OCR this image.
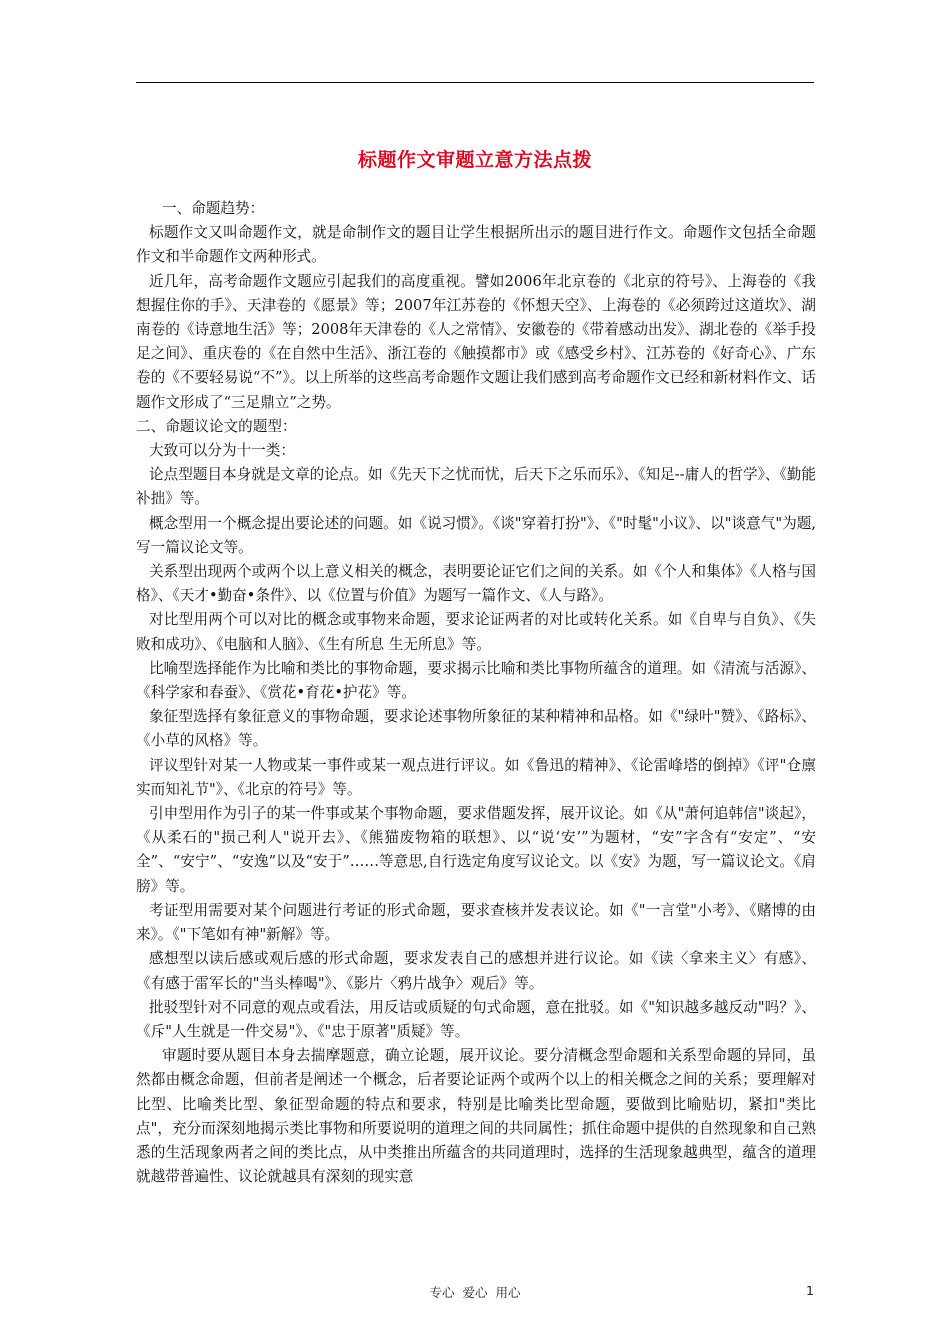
标题作文审题立意方法点拨

一、命题趋势：

标题作文又叫命题作文，就是命制作文的题目让学生根据所出示的题目进行作文。命题作文包括全命题作文和半命题作文两种形式。

近几年，高考命题作文题应引起我们的高度重视。譬如2006年北京卷的《北京的符号》、上海卷的《我想握住你的手》、天津卷的《愿景》等；2007年江苏卷的《怀想天空》、上海卷的《必须跨过这道坎》、湖南卷的《诗意地生活》等；2008年天津卷的《人之常情》、安徽卷的《带着感动出发》、湖北卷的《举手投足之间》、重庆卷的《在自然中生活》、浙江卷的《触摸都市》或《感受乡村》、江苏卷的《好奇心》、广东卷的《不要轻易说“不”》。以上所举的这些高考命题作文题让我们感到高考命题作文已经和新材料作文、话题作文形成了“三足鼎立”之势。

二、命题议论文的题型：

大致可以分为十一类：

论点型题目本身就是文章的论点。如《先天下之忧而忧，后天下之乐而乐》、《知足--庸人的哲学》、《勤能补拙》等。

概念型用一个概念提出要论述的问题。如《说习惯》。《谈"穿着打扮"》、《"时髦"小议》、以"谈意气"为题,写一篇议论文等。

关系型出现两个或两个以上意义相关的概念，表明要论证它们之间的关系。如《个人和集体》《人格与国格》、《天才•勤奋•条件》、以《位置与价值》为题写一篇作文、《人与路》。

对比型用两个可以对比的概念或事物来命题，要求论证两者的对比或转化关系。如《自卑与自负》、《失败和成功》、《电脑和人脑》、《生有所息 生无所息》等。

比喻型选择能作为比喻和类比的事物命题，要求揭示比喻和类比事物所蕴含的道理。如《清流与活源》、《科学家和春蚕》、《赏花•育花•护花》等。

象征型选择有象征意义的事物命题，要求论述事物所象征的某种精神和品格。如《"绿叶"赞》、《路标》、《小草的风格》等。

评议型针对某一人物或某一事件或某一观点进行评议。如《鲁迅的精神》、《论雷峰塔的倒掉》《评"仓廪实而知礼节"》、《北京的符号》等。

引申型用作为引子的某一件事或某个事物命题，要求借题发挥，展开议论。如《从"萧何追韩信"谈起》，《从柔石的"损己利人"说开去》、《熊猫废物箱的联想》、以“说‘安’”为题材，“安”字含有“安定”、“安全”、“安宁”、“安逸”以及“安于”……等意思,自行选定角度写议论文。以《安》为题，写一篇议论文。《肩膀》等。

考证型用需要对某个问题进行考证的形式命题，要求查核并发表议论。如《"一言堂"小考》、《赌博的由来》。《"下笔如有神"新解》等。

感想型以读后感或观后感的形式命题，要求发表自己的感想并进行议论。如《读〈拿来主义〉有感》、《有感于雷军长的"当头棒喝"》、《影片〈鸦片战争〉观后》等。

批驳型针对不同意的观点或看法，用反诘或质疑的句式命题，意在批驳。如《"知识越多越反动"吗？》、《斥"人生就是一件交易"》、《"忠于原著"质疑》等。

审题时要从题目本身去揣摩题意，确立论题，展开议论。要分清概念型命题和关系型命题的异同，虽然都由概念命题，但前者是阐述一个概念，后者要论证两个或两个以上的相关概念之间的关系；要理解对比型、比喻类比型、象征型命题的特点和要求，特别是比喻类比型命题，要做到比喻贴切，紧扣"类比点"，充分而深刻地揭示类比事物和所要说明的道理之间的共同属性；抓住命题中提供的自然现象和自己熟悉的生活现象两者之间的类比点，从中类推出所蕴含的共同道理时，选择的生活现象越典型，蕴含的道理就越带普遍性、议论就越具有深刻的现实意

专心 爱心 用心	1
